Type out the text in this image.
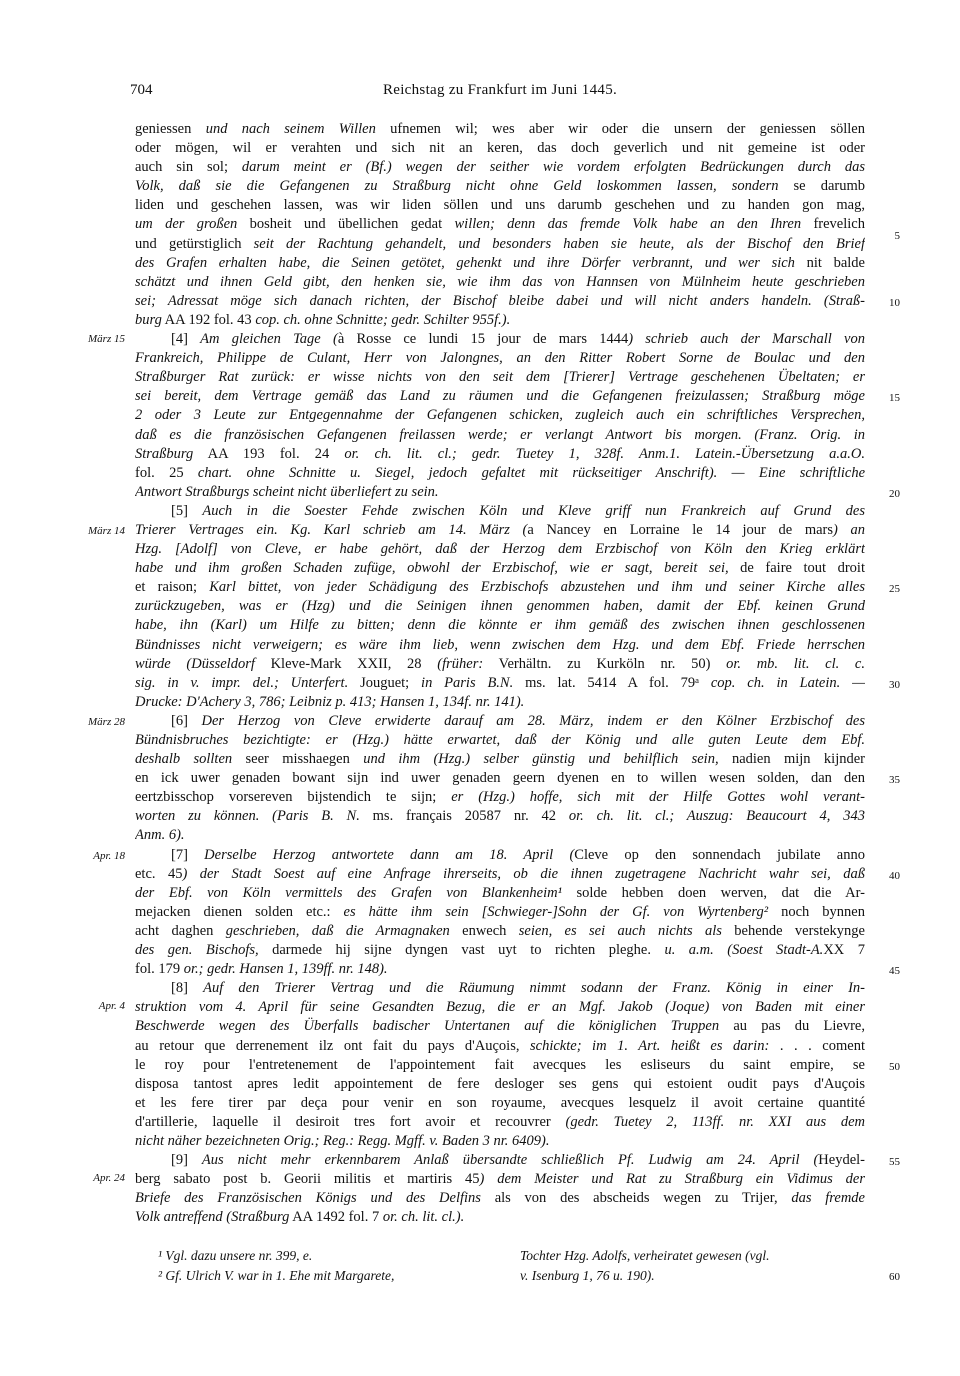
704	Reichstag zu Frankfurt im Juni 1445.
geniessen und nach seinem Willen ufnemen wil; wes aber wir oder die unsern der geniessen söllen
oder mögen, wil er verahten und sich nit an keren, das doch geverlich und nit gemeine ist oder
auch sin sol; darum meint er (Bf.) wegen der seither wie vordem erfolgten Bedrückungen durch das
Volk, daß sie die Gefangenen zu Straßburg nicht ohne Geld loskommen lassen, sondern se darumb
liden und geschehen lassen, was wir liden söllen und uns darumb geschehen und zu handen gon mag,
um der großen bosheit und übellichen gedat willen; denn das fremde Volk habe an den Ihren frevelich
und getürstiglich seit der Rachtung gehandelt, und besonders haben sie heute, als der Bischof den Brief
des Grafen erhalten habe, die Seinen getötet, gehenkt und ihre Dörfer verbrannt, und wer sich nit balde
schätzt und ihnen Geld gibt, den henken sie, wie ihm das von Hannsen von Mülnheim heute geschrieben
sei; Adressat möge sich danach richten, der Bischof bleibe dabei und will nicht anders handeln. (Straß-
burg AA 192 fol. 43 cop. ch. ohne Schnitte; gedr. Schilter 955f.).
[4] Am gleichen Tage (à Rosse ce lundi 15 jour de mars 1444) schrieb auch der Marschall von
Frankreich, Philippe de Culant, Herr von Jalongnes, an den Ritter Robert Sorne de Boulac und den
Straßburger Rat zurück: er wisse nichts von den seit dem [Trierer] Vertrage geschehenen Übeltaten; er
sei bereit, dem Vertrage gemäß das Land zu räumen und die Gefangenen freizulassen; Straßburg möge
2 oder 3 Leute zur Entgegennahme der Gefangenen schicken, zugleich auch ein schriftliches Versprechen,
daß es die französischen Gefangenen freilassen werde; er verlangt Antwort bis morgen. (Franz. Orig. in
Straßburg AA 193 fol. 24 or. ch. lit. cl.; gedr. Tuetey 1, 328f. Anm.1. Latein.-Übersetzung a.a.O.
fol. 25 chart. ohne Schnitte u. Siegel, jedoch gefaltet mit rückseitiger Anschrift). — Eine schriftliche
Antwort Straßburgs scheint nicht überliefert zu sein.
[5] Auch in die Soester Fehde zwischen Köln und Kleve griff nun Frankreich auf Grund des
Trierer Vertrages ein. Kg. Karl schrieb am 14. März (a Nancey en Lorraine le 14 jour de mars) an
Hzg. [Adolf] von Cleve, er habe gehört, daß der Herzog dem Erzbischof von Köln den Krieg erklärt
habe und ihm großen Schaden zufüge, obwohl der Erzbischof, wie er sagt, bereit sei, de faire tout droit
et raison; Karl bittet, von jeder Schädigung des Erzbischofs abzustehen und ihm und seiner Kirche alles
zurückzugeben, was er (Hzg) und die Seinigen ihnen genommen haben, damit der Ebf. keinen Grund
habe, ihn (Karl) um Hilfe zu bitten; denn die könnte er ihm gemäß des zwischen ihnen geschlossenen
Bündnisses nicht verweigern; es wäre ihm lieb, wenn zwischen dem Hzg. und dem Ebf. Friede herrschen
würde (Düsseldorf Kleve-Mark XXII, 28 (früher: Verhältn. zu Kurköln nr. 50) or. mb. lit. cl. c.
sig. in v. impr. del.; Unterfert. Jouguet; in Paris B.N. ms. lat. 5414 A fol. 79ᵃ cop. ch. in Latein. —
Drucke: D'Achery 3, 786; Leibniz p. 413; Hansen 1, 134f. nr. 141).
[6] Der Herzog von Cleve erwiderte darauf am 28. März, indem er den Kölner Erzbischof des
Bündnisbruches bezichtigte: er (Hzg.) hätte erwartet, daß der König und alle guten Leute dem Ebf.
deshalb sollten seer misshaegen und ihm (Hzg.) selber günstig und behilflich sein, nadien mijn kijnder
en ick uwer genaden bowant sijn ind uwer genaden geern dyenen en to willen wesen solden, dan den
eertzbisschop vorsereven bijstendich te sijn; er (Hzg.) hoffe, sich mit der Hilfe Gottes wohl verant-
worten zu können. (Paris B. N. ms. français 20587 nr. 42 or. ch. lit. cl.; Auszug: Beaucourt 4, 343
Anm. 6).
[7] Derselbe Herzog antwortete dann am 18. April (Cleve op den sonnendach jubilate anno
etc. 45) der Stadt Soest auf eine Anfrage ihrerseits, ob die ihnen zugetragene Nachricht wahr sei, daß
der Ebf. von Köln vermittels des Grafen von Blankenheim¹ solde hebben doen werven, dat die Ar-
mejacken dienen solden etc.: es hätte ihm sein [Schwieger-]Sohn der Gf. von Wyrtenberg² noch bynnen
acht daghen geschrieben, daß die Armagnaken enwech seien, es sei auch nichts als behende verstekynge
des gen. Bischofs, darmede hij sijne dyngen vast uyt to richten pleghe. u. a.m. (Soest Stadt-A.XX 7
fol. 179 or.; gedr. Hansen 1, 139ff. nr. 148).
[8] Auf den Trierer Vertrag und die Räumung nimmt sodann der Franz. König in einer In-
struktion vom 4. April für seine Gesandten Bezug, die er an Mgf. Jakob (Joque) von Baden mit einer
Beschwerde wegen des Überfalls badischer Untertanen auf die königlichen Truppen au pas du Lievre,
au retour que derrenement ilz ont fait du pays d'Auçois, schickte; im 1. Art. heißt es darin: . . . coment
le roy pour l'entretenement de l'appointement fait avecques les esliseurs du saint empire, se
disposa tantost apres ledit appointement de fere desloger ses gens qui estoient oudit pays d'Auçois
et les fere tirer par deça pour venir en son royaume, avecques lesquelz il avoit certaine quantité
d'artillerie, laquelle il desiroit tres fort avoir et recouvrer (gedr. Tuetey 2, 113ff. nr. XXI aus dem
nicht näher bezeichneten Orig.; Reg.: Regg. Mgff. v. Baden 3 nr. 6409).
[9] Aus nicht mehr erkennbarem Anlaß übersandte schließlich Pf. Ludwig am 24. April (Heydel-
berg sabato post b. Georii militis et martiris 45) dem Meister und Rat zu Straßburg ein Vidimus der
Briefe des Französischen Königs und des Delfins als von des abscheids wegen zu Trijer, das fremde
Volk antreffend (Straßburg AA 1492 fol. 7 or. ch. lit. cl.).
März 15
März 14
März 28
Apr. 18
Apr. 4
Apr. 24
5
10
15
20
25
30
35
40
45
50
55
60
¹ Vgl. dazu unsere nr. 399, e.
² Gf. Ulrich V. war in 1. Ehe mit Margarete,
Tochter Hzg. Adolfs, verheiratet gewesen (vgl.
v. Isenburg 1, 76 u. 190).
